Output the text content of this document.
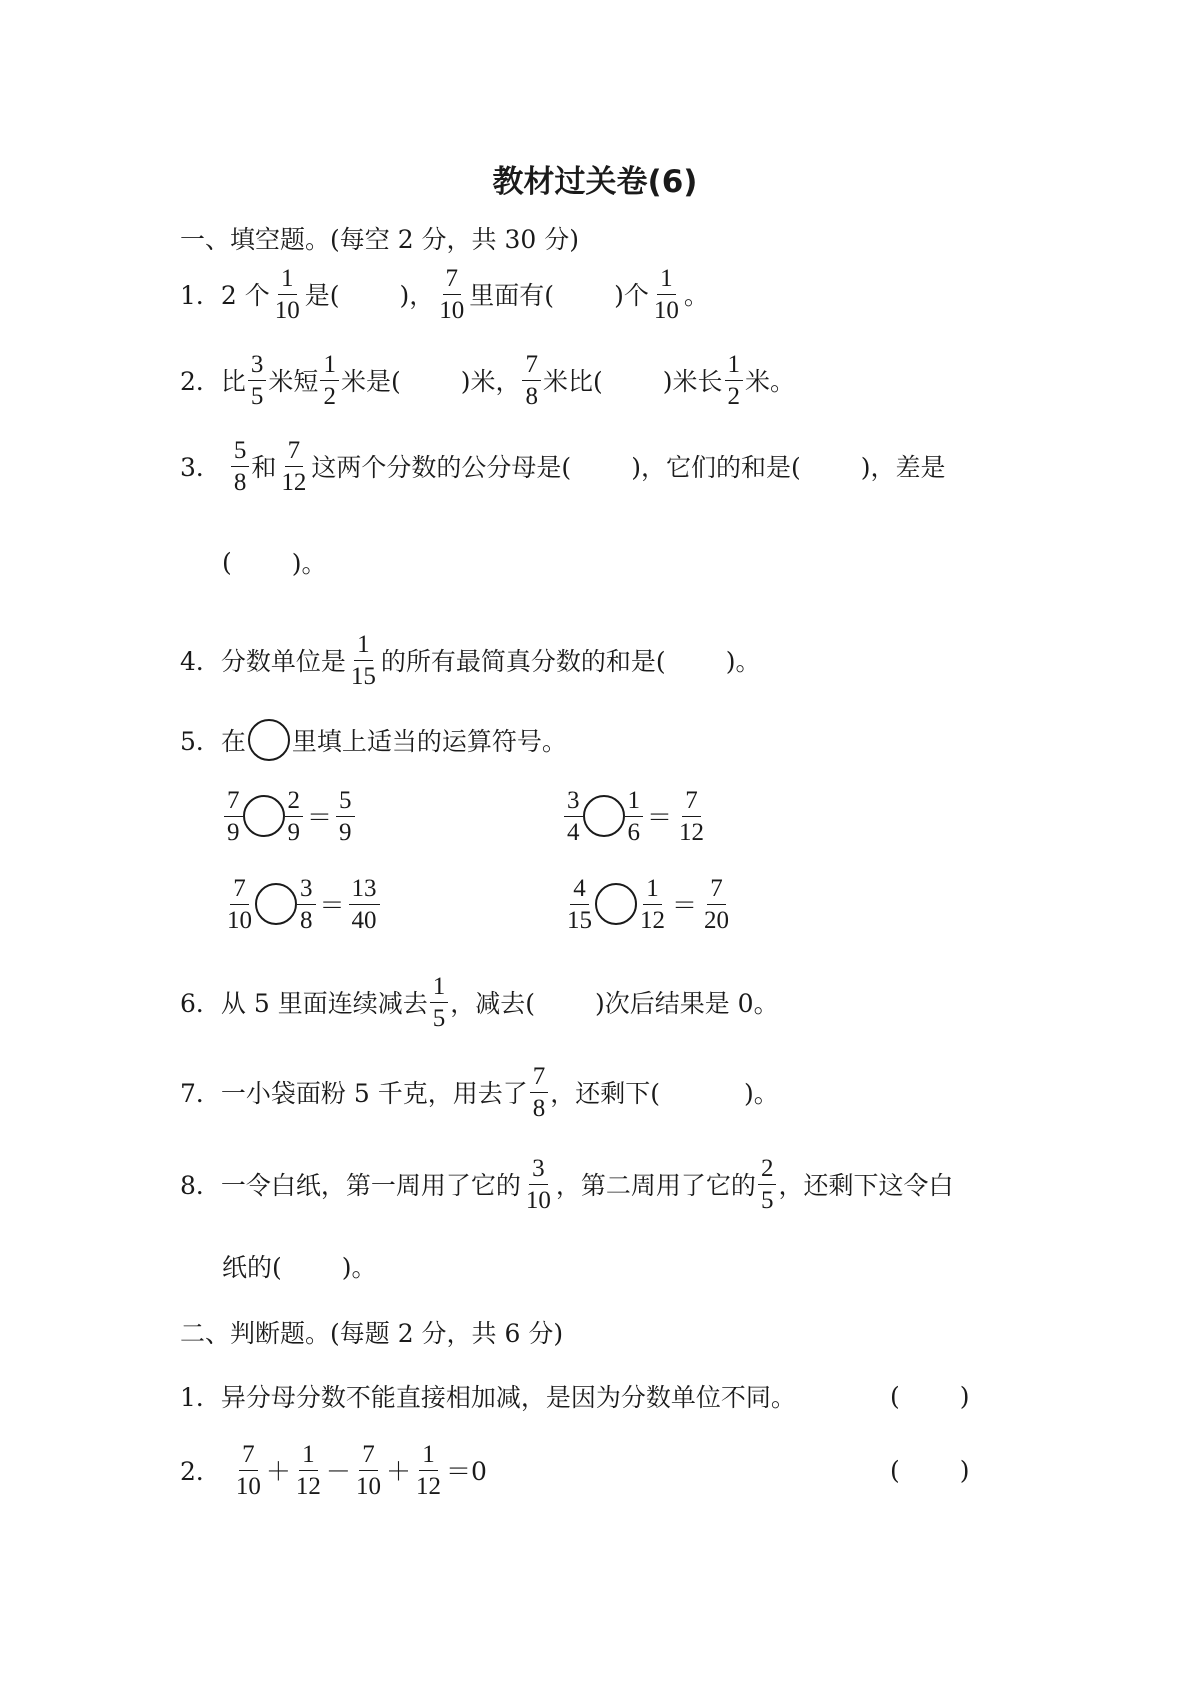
教材过关卷(6)
一、填空题。(每空 2 分，共 30 分)
1． 2 个 $\frac{1}{10}$ 是( )， $\frac{7}{10}$ 里面有( )个 $\frac{1}{10}$ 。
2． 比 $\frac{3}{5}$ 米短 $\frac{1}{2}$ 米是( )米， $\frac{7}{8}$ 米比( )米长 $\frac{1}{2}$ 米。
3． $\frac{5}{8}$ 和 $\frac{7}{12}$ 这两个分数的公分母是( )，它们的和是( )，差是
( )。
4． 分数单位是 $\frac{1}{15}$ 的所有最简真分数的和是( )。
5． 在 里填上适当的运算符号。
$\frac{7}{9} \frac{2}{9} = \frac{5}{9}$	$\frac{3}{4} \frac{1}{6} = \frac{7}{12}$
$\frac{7}{10} \frac{3}{8} = \frac{13}{40}$	$\frac{4}{15} \frac{1}{12} = \frac{7}{20}$
6． 从 5 里面连续减去 $\frac{1}{5}$ ，减去( )次后结果是 0。
7． 一小袋面粉 5 千克，用去了 $\frac{7}{8}$ ，还剩下(	)。
8． 一令白纸，第一周用了它的 $\frac{3}{10}$ ，第二周用了它的 $\frac{2}{5}$ ，还剩下这令白
纸的( )。
二、判断题。(每题 2 分，共 6 分)
1． 异分母分数不能直接相加减，是因为分数单位不同。	( )
2． $\frac{7}{10} + \frac{1}{12} - \frac{7}{10} + \frac{1}{12} =0$	( )
